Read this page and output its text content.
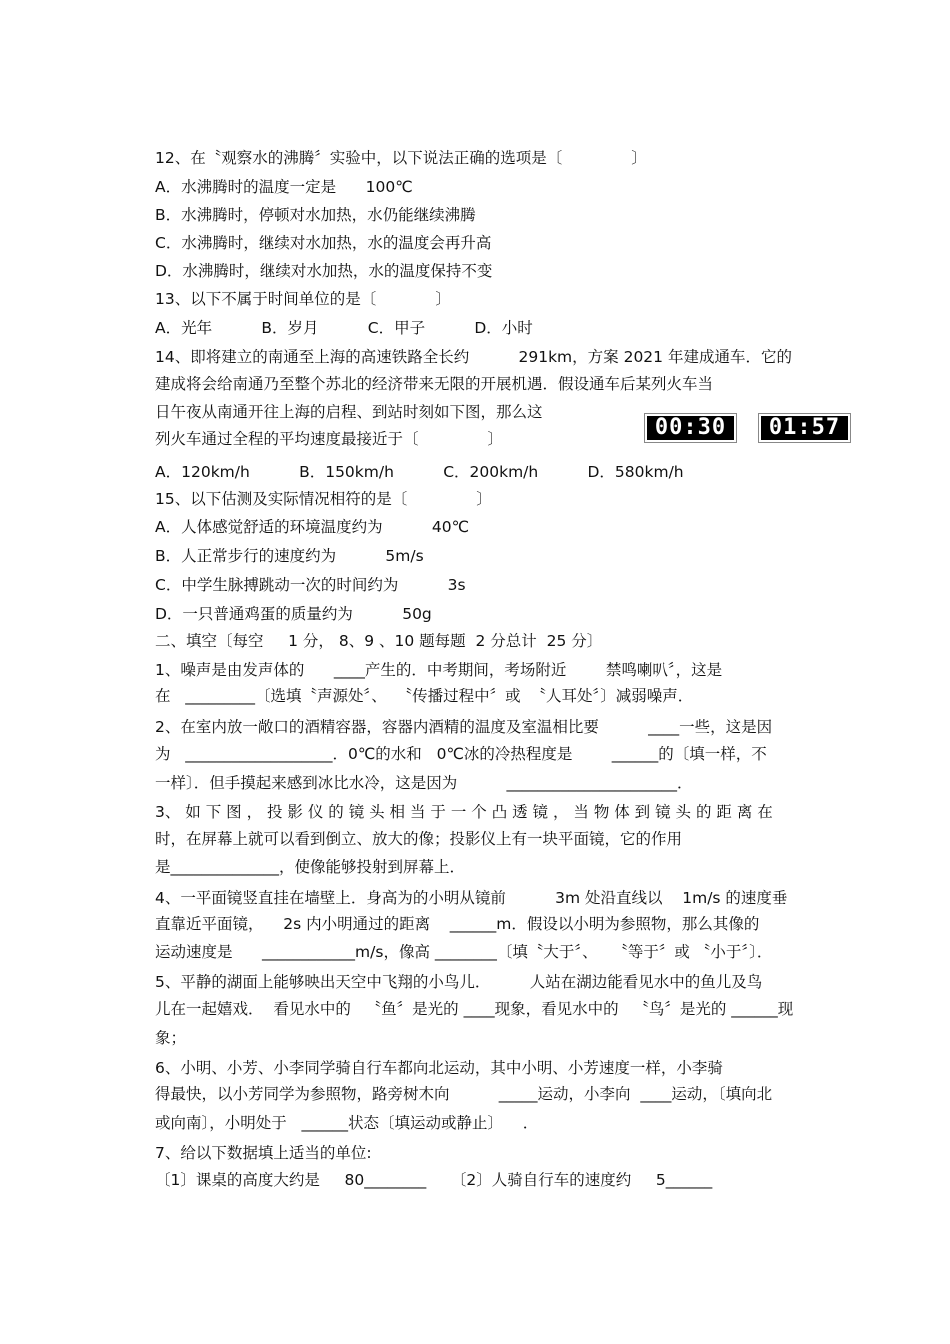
12、在〝观察水的沸腾〞实验中，以下说法正确的选项是〔              〕
A．水沸腾时的温度一定是      100℃
B．水沸腾时，停顿对水加热，水仍能继续沸腾
C．水沸腾时，继续对水加热，水的温度会再升高
D．水沸腾时，继续对水加热，水的温度保持不变
13、以下不属于时间单位的是〔            〕
A．光年          B．岁月          C．甲子          D．小时
14、即将建立的南通至上海的高速铁路全长约          291km，方案 2021 年建成通车．它的
建成将会给南通乃至整个苏北的经济带来无限的开展机遇．假设通车后某列火车当
日午夜从南通开往上海的启程、到站时刻如下图，那么这
列火车通过全程的平均速度最接近于〔              〕	00:30	01:57
A．120km/h          B．150km/h          C．200km/h          D．580km/h
15、以下估测及实际情况相符的是〔              〕
A．人体感觉舒适的环境温度约为          40℃
B．人正常步行的速度约为          5m/s
C．中学生脉搏跳动一次的时间约为          3s
D．一只普通鸡蛋的质量约为          50g
二、填空〔每空     1 分， 8、9 、10 题每题  2 分总计  25 分〕
1、噪声是由发声体的      ____产生的．中考期间，考场附近        禁鸣喇叭〞，这是
在   _________〔选填〝声源处〞、  〝传播过程中〞或  〝人耳处〞〕减弱噪声．
2、在室内放一敞口的酒精容器，容器内酒精的温度及室温相比要          ____一些，这是因
为   ___________________．0℃的水和   0℃冰的冷热程度是        ______的〔填一样，不
一样〕．但手摸起来感到冰比水冷，这是因为          ______________________．
3、 如 下 图 ， 投 影 仪 的 镜 头 相 当 于 一 个 凸 透 镜 ， 当 物 体 到 镜 头 的 距 离 在
时，在屏幕上就可以看到倒立、放大的像；投影仪上有一块平面镜，它的作用
是______________，使像能够投射到屏幕上．
4、一平面镜竖直挂在墙壁上．身高为的小明从镜前          3m 处沿直线以    1m/s 的速度垂
直靠近平面镜，    2s 内小明通过的距离    ______m．假设以小明为参照物，那么其像的
运动速度是      ____________m/s，像高 ________〔填〝大于〞、   〝等于〞或 〝小于〞〕．
5、平静的湖面上能够映出天空中飞翔的小鸟儿．        人站在湖边能看见水中的鱼儿及鸟
儿在一起嬉戏．  看见水中的   〝鱼〞是光的 ____现象，看见水中的   〝鸟〞是光的 ______现
象；
6、小明、小芳、小李同学骑自行车都向北运动，其中小明、小芳速度一样，小李骑
得最快，以小芳同学为参照物，路旁树木向          _____运动，小李向  ____运动，〔填向北
或向南〕，小明处于   ______状态〔填运动或静止〕    ．
7、给以下数据填上适当的单位:
〔1〕课桌的高度大约是     80________     〔2〕人骑自行车的速度约     5______
